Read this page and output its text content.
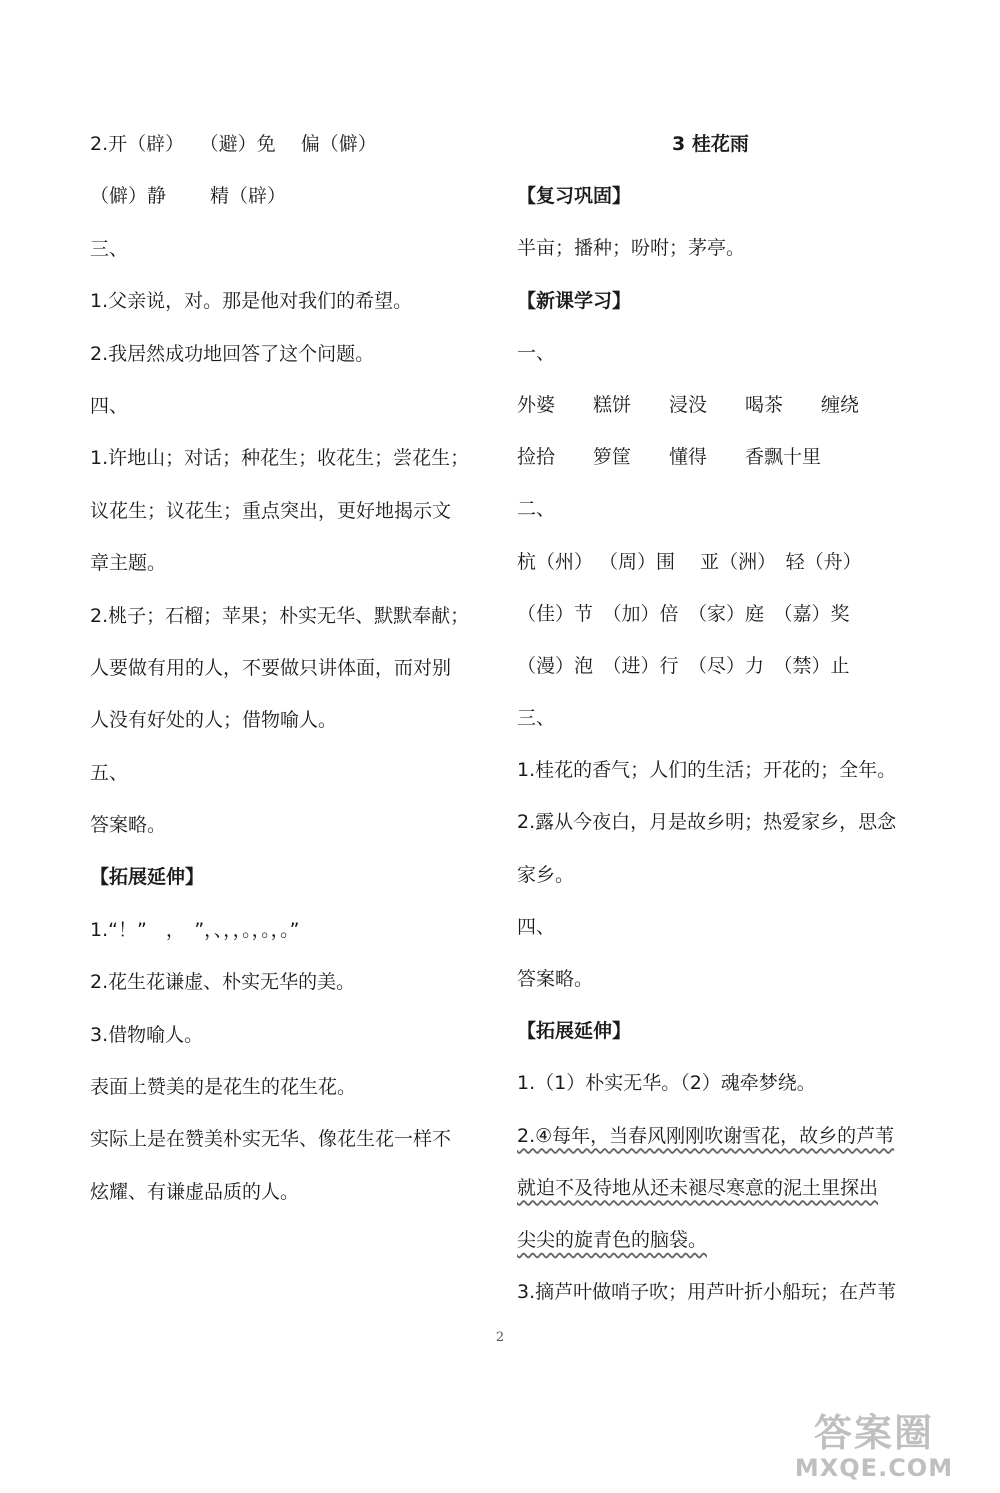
2.开（辟）　 （避）免　 偏（僻）
（僻）静　　 精（辟）
三、
1.父亲说，对。那是他对我们的希望。
2.我居然成功地回答了这个问题。
四、
1.许地山；对话；种花生；收花生；尝花生；
议花生；议花生；重点突出，更好地揭示文
章主题。
2.桃子；石榴；苹果；朴实无华、默默奉献；
人要做有用的人，不要做只讲体面，而对别
人没有好处的人；借物喻人。
五、
答案略。
【拓展延伸】
1.“！”　，　”，、，，。，。，。”
2.花生花谦虚、朴实无华的美。
3.借物喻人。
表面上赞美的是花生的花生花。
实际上是在赞美朴实无华、像花生花一样不
炫耀、有谦虚品质的人。
3 桂花雨
【复习巩固】
半亩；播种；吩咐；茅亭。
【新课学习】
一、
外婆　　糕饼　　浸没　　喝茶　　缠绕
捡拾　　箩筐　　懂得　　香飘十里
二、
杭（州） （周）围　 亚（洲）　轻（舟）
（佳）节　（加）倍　（家）庭　（嘉）奖
（漫）泡　（进）行　（尽）力　（禁）止
三、
1.桂花的香气；人们的生活；开花的；全年。
2.露从今夜白，月是故乡明；热爱家乡，思念
家乡。
四、
答案略。
【拓展延伸】
1.（1）朴实无华。（2）魂牵梦绕。
2.④每年，当春风刚刚吹谢雪花，故乡的芦苇
就迫不及待地从还未褪尽寒意的泥土里探出
尖尖的旋青色的脑袋。
3.摘芦叶做哨子吹；用芦叶折小船玩；在芦苇
2
答案圈
MXQE.COM
